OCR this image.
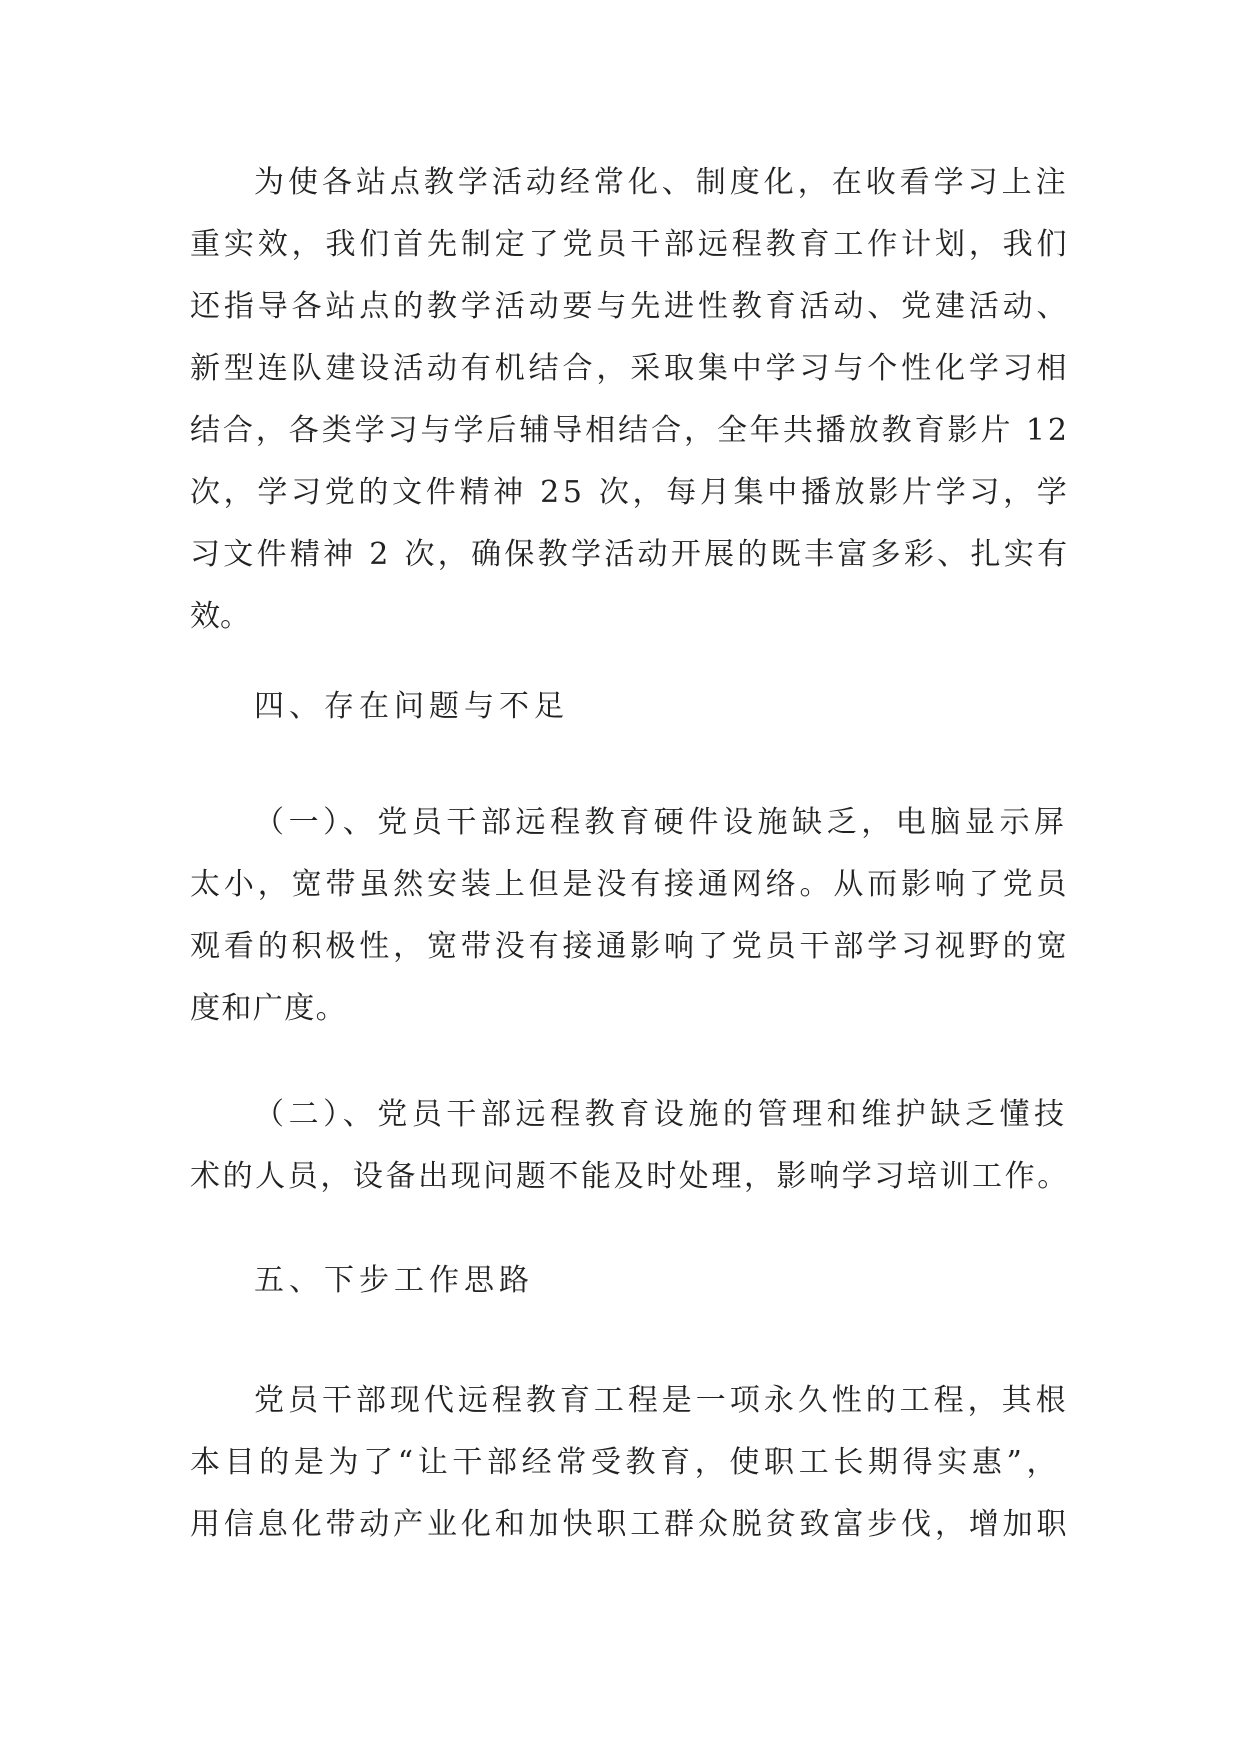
为使各站点教学活动经常化、制度化，在收看学习上注
重实效，我们首先制定了党员干部远程教育工作计划，我们
还指导各站点的教学活动要与先进性教育活动、党建活动、
新型连队建设活动有机结合，采取集中学习与个性化学习相
结合，各类学习与学后辅导相结合，全年共播放教育影片 12
次，学习党的文件精神 25 次，每月集中播放影片学习，学
习文件精神 2 次，确保教学活动开展的既丰富多彩、扎实有
效。
四、存在问题与不足
（一）、党员干部远程教育硬件设施缺乏，电脑显示屏
太小，宽带虽然安装上但是没有接通网络。从而影响了党员
观看的积极性，宽带没有接通影响了党员干部学习视野的宽
度和广度。
（二）、党员干部远程教育设施的管理和维护缺乏懂技
术的人员，设备出现问题不能及时处理，影响学习培训工作。
五、下步工作思路
党员干部现代远程教育工程是一项永久性的工程，其根
本目的是为了“让干部经常受教育，使职工长期得实惠”，
用信息化带动产业化和加快职工群众脱贫致富步伐，增加职
